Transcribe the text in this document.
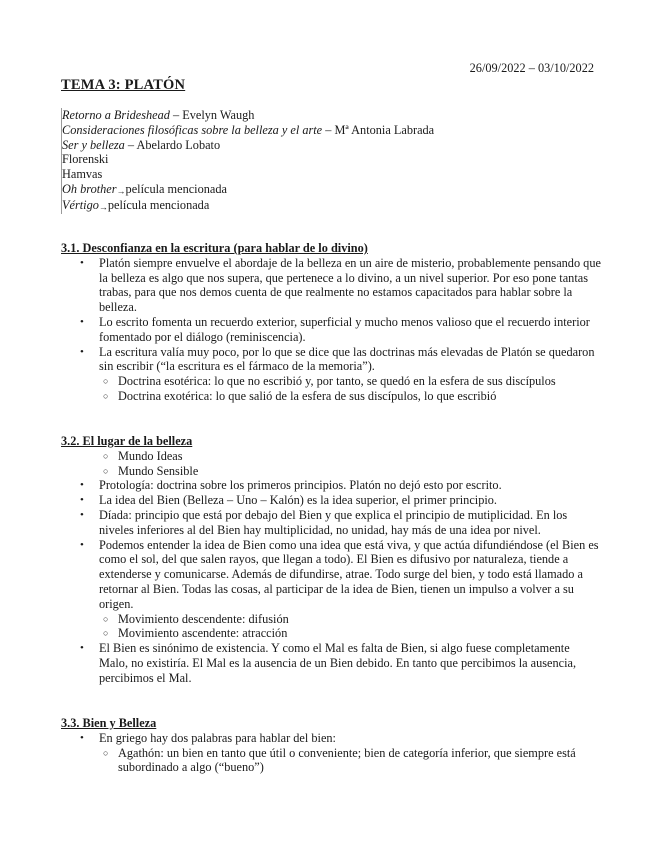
26/09/2022 – 03/10/2022
TEMA 3: PLATÓN
Retorno a Brideshead – Evelyn Waugh
Consideraciones filosóficas sobre la belleza y el arte – Mª Antonia Labrada
Ser y belleza – Abelardo Lobato
Florenski
Hamvas
Oh brother→película mencionada
Vértigo→película mencionada
3.1. Desconfianza en la escritura (para hablar de lo divino)
• Platón siempre envuelve el abordaje de la belleza en un aire de misterio, probablemente pensando que la belleza es algo que nos supera, que pertenece a lo divino, a un nivel superior. Por eso pone tantas trabas, para que nos demos cuenta de que realmente no estamos capacitados para hablar sobre la belleza.
• Lo escrito fomenta un recuerdo exterior, superficial y mucho menos valioso que el recuerdo interior fomentado por el diálogo (reminiscencia).
• La escritura valía muy poco, por lo que se dice que las doctrinas más elevadas de Platón se quedaron sin escribir (“la escritura es el fármaco de la memoria”).
○ Doctrina esotérica: lo que no escribió y, por tanto, se quedó en la esfera de sus discípulos
○ Doctrina exotérica: lo que salió de la esfera de sus discípulos, lo que escribió
3.2. El lugar de la belleza
○ Mundo Ideas
○ Mundo Sensible
• Protología: doctrina sobre los primeros principios. Platón no dejó esto por escrito.
• La idea del Bien (Belleza – Uno – Kalón) es la idea superior, el primer principio.
• Díada: principio que está por debajo del Bien y que explica el principio de mutiplicidad. En los niveles inferiores al del Bien hay multiplicidad, no unidad, hay más de una idea por nivel.
• Podemos entender la idea de Bien como una idea que está viva, y que actúa difundiéndose (el Bien es como el sol, del que salen rayos, que llegan a todo). El Bien es difusivo por naturaleza, tiende a extenderse y comunicarse. Además de difundirse, atrae. Todo surge del bien, y todo está llamado a retornar al Bien. Todas las cosas, al participar de la idea de Bien, tienen un impulso a volver a su origen.
○ Movimiento descendente: difusión
○ Movimiento ascendente: atracción
• El Bien es sinónimo de existencia. Y como el Mal es falta de Bien, si algo fuese completamente Malo, no existiría. El Mal es la ausencia de un Bien debido. En tanto que percibimos la ausencia, percibimos el Mal.
3.3. Bien y Belleza
• En griego hay dos palabras para hablar del bien:
○ Agathón: un bien en tanto que útil o conveniente; bien de categoría inferior, que siempre está subordinado a algo (“bueno”)
